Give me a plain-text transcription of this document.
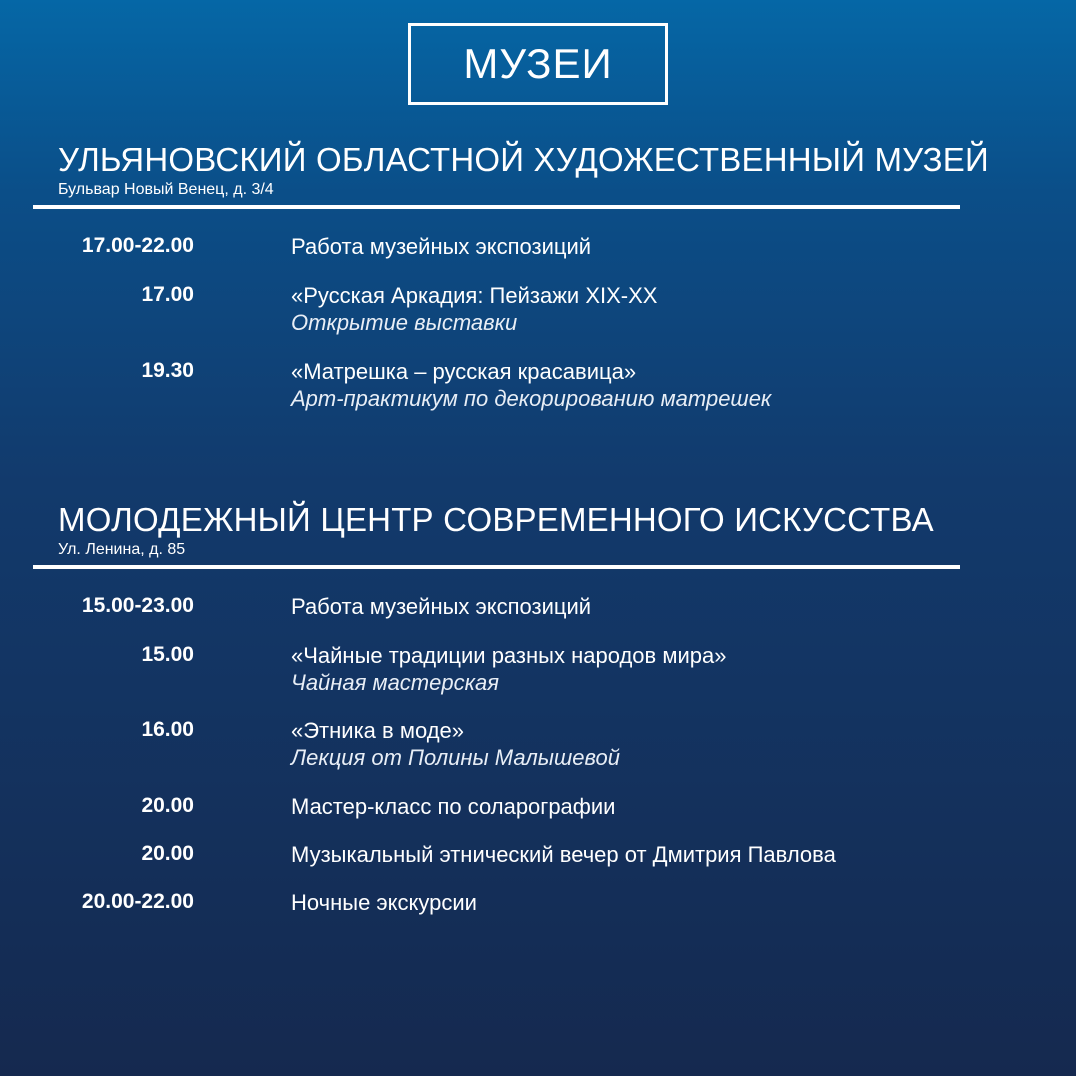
МУЗЕИ
УЛЬЯНОВСКИЙ ОБЛАСТНОЙ ХУДОЖЕСТВЕННЫЙ МУЗЕЙ
Бульвар Новый Венец, д. 3/4
17.00-22.00	Работа музейных экспозиций
17.00	«Русская Аркадия: Пейзажи XIX-XX
Открытие выставки
19.30	«Матрешка – русская красавица»
Арт-практикум по декорированию матрешек
МОЛОДЕЖНЫЙ ЦЕНТР СОВРЕМЕННОГО ИСКУССТВА
Ул. Ленина, д. 85
15.00-23.00	Работа музейных экспозиций
15.00	«Чайные традиции разных народов мира»
Чайная мастерская
16.00	«Этника в моде»
Лекция от Полины Малышевой
20.00	Мастер-класс по соларографии
20.00	Музыкальный этнический вечер от Дмитрия Павлова
20.00-22.00	Ночные экскурсии
